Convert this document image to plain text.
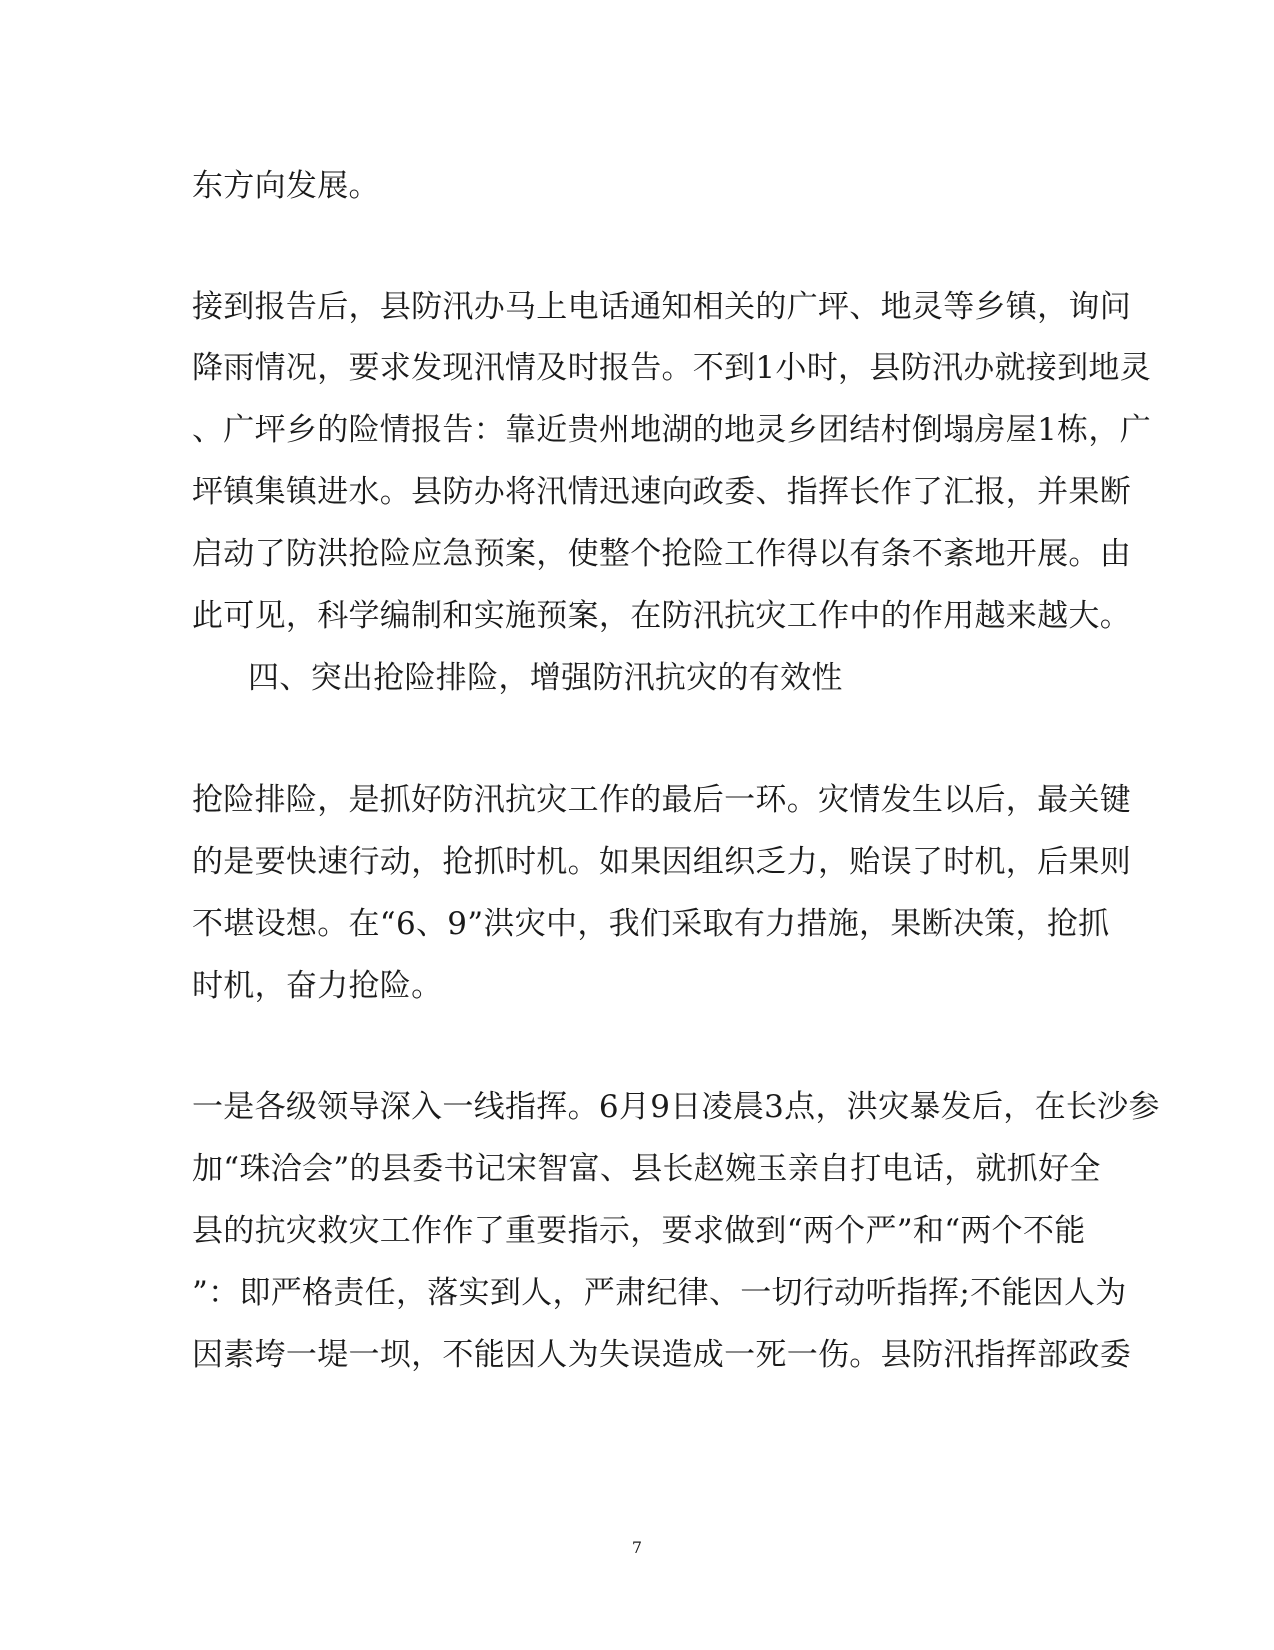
东方向发展。
接到报告后，县防汛办马上电话通知相关的广坪、地灵等乡镇，询问
降雨情况，要求发现汛情及时报告。不到1小时，县防汛办就接到地灵
、广坪乡的险情报告：靠近贵州地湖的地灵乡团结村倒塌房屋1栋，广
坪镇集镇进水。县防办将汛情迅速向政委、指挥长作了汇报，并果断
启动了防洪抢险应急预案，使整个抢险工作得以有条不紊地开展。由
此可见，科学编制和实施预案，在防汛抗灾工作中的作用越来越大。
四、突出抢险排险，增强防汛抗灾的有效性
抢险排险，是抓好防汛抗灾工作的最后一环。灾情发生以后，最关键
的是要快速行动，抢抓时机。如果因组织乏力，贻误了时机，后果则
不堪设想。在“6、9”洪灾中，我们采取有力措施，果断决策，抢抓
时机，奋力抢险。
一是各级领导深入一线指挥。6月9日凌晨3点，洪灾暴发后，在长沙参
加“珠洽会”的县委书记宋智富、县长赵婉玉亲自打电话，就抓好全
县的抗灾救灾工作作了重要指示，要求做到“两个严”和“两个不能
”：即严格责任，落实到人，严肃纪律、一切行动听指挥;不能因人为
因素垮一堤一坝，不能因人为失误造成一死一伤。县防汛指挥部政委
7
